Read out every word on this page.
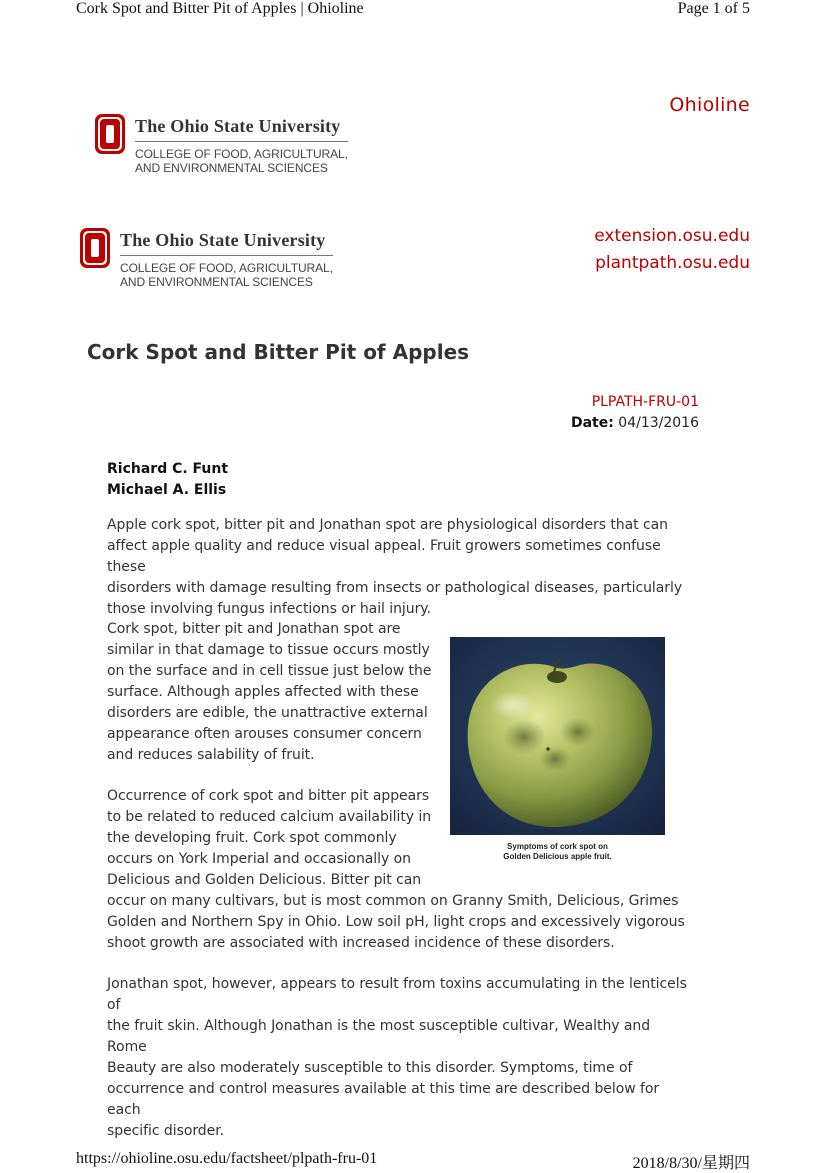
Cork Spot and Bitter Pit of Apples | Ohioline	Page 1 of 5
Ohioline
The Ohio State University
COLLEGE OF FOOD, AGRICULTURAL,
AND ENVIRONMENTAL SCIENCES
The Ohio State University
COLLEGE OF FOOD, AGRICULTURAL,
AND ENVIRONMENTAL SCIENCES
extension.osu.edu
plantpath.osu.edu
Cork Spot and Bitter Pit of Apples
PLPATH-FRU-01
Date: 04/13/2016
Richard C. Funt
Michael A. Ellis

Apple cork spot, bitter pit and Jonathan spot are physiological disorders that can

affect apple quality and reduce visual appeal. Fruit growers sometimes confuse these

disorders with damage resulting from insects or pathological diseases, particularly

those involving fungus infections or hail injury.

Cork spot, bitter pit and Jonathan spot are

similar in that damage to tissue occurs mostly

on the surface and in cell tissue just below the

surface. Although apples affected with these

disorders are edible, the unattractive external

appearance often arouses consumer concern

and reduces salability of fruit.

Occurrence of cork spot and bitter pit appears

to be related to reduced calcium availability in

the developing fruit. Cork spot commonly

occurs on York Imperial and occasionally on

Delicious and Golden Delicious. Bitter pit can

occur on many cultivars, but is most common on Granny Smith, Delicious, Grimes

Golden and Northern Spy in Ohio. Low soil pH, light crops and excessively vigorous

shoot growth are associated with increased incidence of these disorders.

Jonathan spot, however, appears to result from toxins accumulating in the lenticels of

the fruit skin. Although Jonathan is the most susceptible cultivar, Wealthy and Rome

Beauty are also moderately susceptible to this disorder. Symptoms, time of

occurrence and control measures available at this time are described below for each

specific disorder.

Symptoms of cork spot on
Golden Delicious apple fruit.
https://ohioline.osu.edu/factsheet/plpath-fru-01	2018/8/30/星期四
